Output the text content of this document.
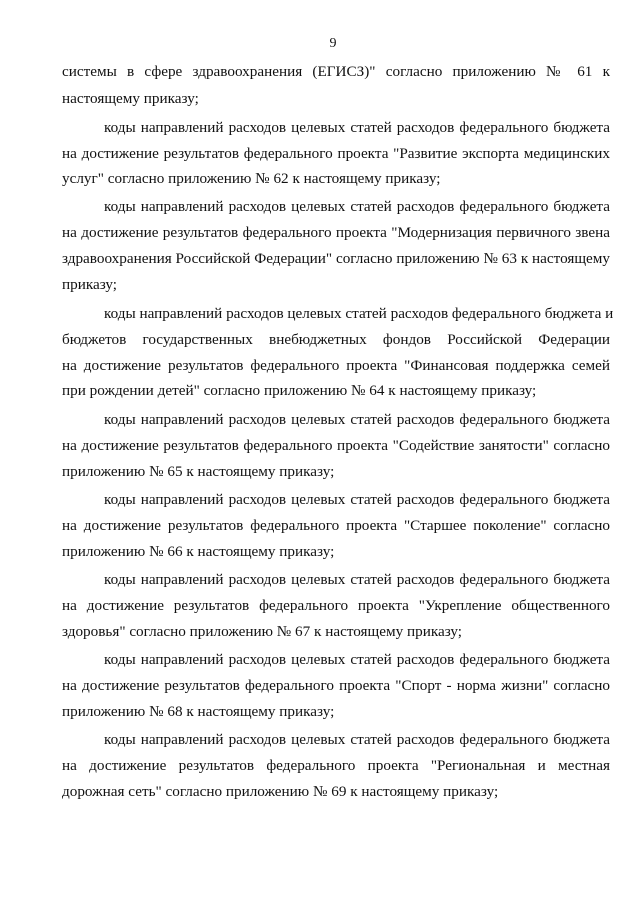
9
системы в сфере здравоохранения (ЕГИСЗ)" согласно приложению № 61 к
настоящему приказу;
коды направлений расходов целевых статей расходов федерального бюджета
на достижение результатов федерального проекта "Развитие экспорта медицинских
услуг" согласно приложению № 62 к настоящему приказу;
коды направлений расходов целевых статей расходов федерального бюджета
на достижение результатов федерального проекта "Модернизация первичного звена
здравоохранения Российской Федерации" согласно приложению № 63 к настоящему
приказу;
коды направлений расходов целевых статей расходов федерального бюджета и
бюджетов государственных внебюджетных фондов Российской Федерации
на достижение результатов федерального проекта "Финансовая поддержка семей
при рождении детей" согласно приложению № 64 к настоящему приказу;
коды направлений расходов целевых статей расходов федерального бюджета
на достижение результатов федерального проекта "Содействие занятости" согласно
приложению № 65 к настоящему приказу;
коды направлений расходов целевых статей расходов федерального бюджета
на достижение результатов федерального проекта "Старшее поколение" согласно
приложению № 66 к настоящему приказу;
коды направлений расходов целевых статей расходов федерального бюджета
на достижение результатов федерального проекта "Укрепление общественного
здоровья" согласно приложению № 67 к настоящему приказу;
коды направлений расходов целевых статей расходов федерального бюджета
на достижение результатов федерального проекта "Спорт - норма жизни" согласно
приложению № 68 к настоящему приказу;
коды направлений расходов целевых статей расходов федерального бюджета
на достижение результатов федерального проекта "Региональная и местная
дорожная сеть" согласно приложению № 69 к настоящему приказу;
